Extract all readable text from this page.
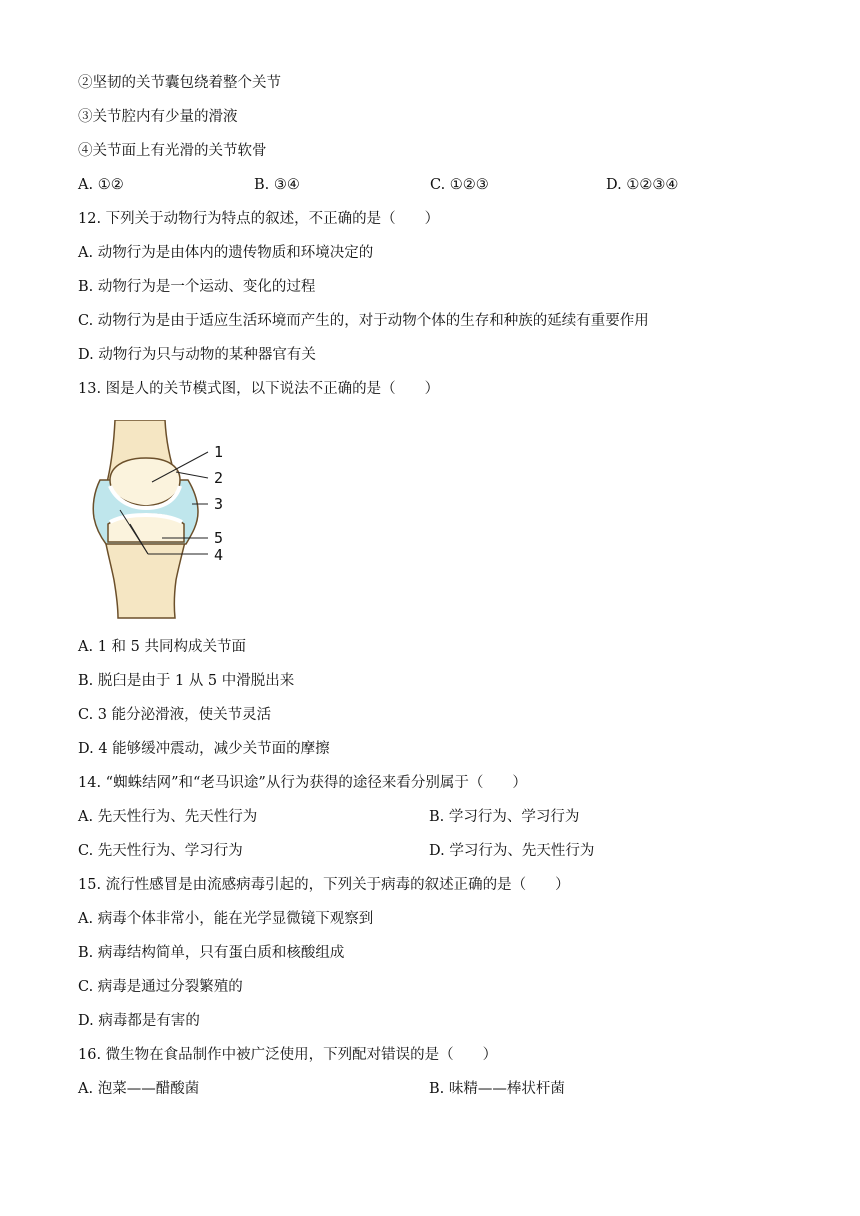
②坚韧的关节囊包绕着整个关节
③关节腔内有少量的滑液
④关节面上有光滑的关节软骨
A. ①②	B. ③④	C. ①②③	D. ①②③④
12. 下列关于动物行为特点的叙述，不正确的是（　　）
A. 动物行为是由体内的遗传物质和环境决定的
B. 动物行为是一个运动、变化的过程
C. 动物行为是由于适应生活环境而产生的，对于动物个体的生存和种族的延续有重要作用
D. 动物行为只与动物的某种器官有关
13. 图是人的关节模式图，以下说法不正确的是（　　）
1
2
3
5
4
A. 1 和 5 共同构成关节面
B. 脱臼是由于 1 从 5 中滑脱出来
C. 3 能分泌滑液，使关节灵活
D. 4 能够缓冲震动，减少关节面的摩擦
14. “蜘蛛结网”和“老马识途”从行为获得的途径来看分别属于（　　）
A. 先天性行为、先天性行为	B. 学习行为、学习行为
C. 先天性行为、学习行为	D. 学习行为、先天性行为
15. 流行性感冒是由流感病毒引起的，下列关于病毒的叙述正确的是（　　）
A. 病毒个体非常小，能在光学显微镜下观察到
B. 病毒结构简单，只有蛋白质和核酸组成
C. 病毒是通过分裂繁殖的
D. 病毒都是有害的
16. 微生物在食品制作中被广泛使用，下列配对错误的是（　　）
A. 泡菜——醋酸菌	B. 味精——棒状杆菌
